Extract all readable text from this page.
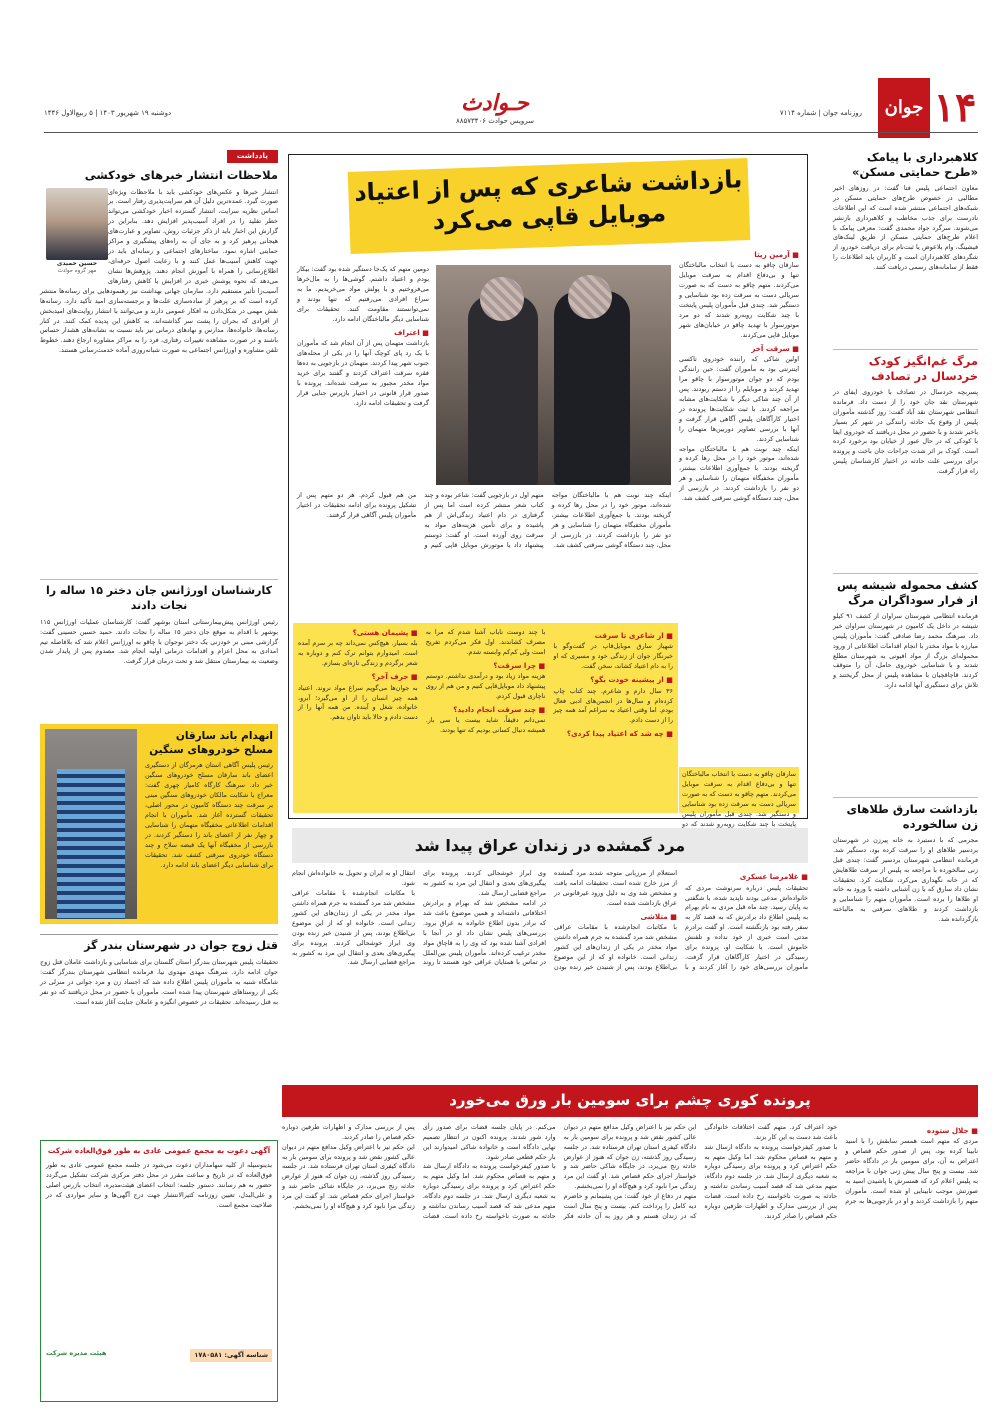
جوان ۱۴
حـوادث
سرویس حوادث ۸۸۵۷۳۴۰۶
روزنامه جوان | شماره ۷۱۱۴
دوشنبه ۱۹ شهریور ۱۴۰۳ | ۵ ربیع‌الاول ۱۴۴۶
کلاهبرداری با پیامک «طرح حمایتی مسکن»

معاون اجتماعی پلیس فتا گفت: در روزهای اخیر مطالبی در خصوص طرح‌های حمایتی مسکن در شبکه‌های اجتماعی منتشر شده است که این اطلاعات نادرست برای جذب مخاطب و کلاهبرداری بازنشر می‌شوند. سرگرد جواد محمدی گفت: معرفی پیامک با اعلام طرح‌های حمایتی مسکن از طریق لینک‌های فیشینگ، وام بلاعوض یا ثبت‌نام برای دریافت خودرو، از شگردهای کلاهبرداران است و کاربران باید اطلاعات را فقط از سامانه‌های رسمی دریافت کنند.

مرگ غم‌انگیز کودک خردسال در تصادف

پسربچه خردسال در تصادف با خودروی ایفای در شهرستان نقد جان خود را از دست داد. فرمانده انتظامی شهرستان نقد آباد گفت: روز گذشته مأموران پلیس از وقوع یک حادثه رانندگی در شهر کر بسیار باخبر شدند و با حضور در محل دریافتند که خودروی ایفا با کودکی که در حال عبور از خیابان بود برخورد کرده است. کودک بر اثر شدت جراحات جان باخت و پرونده برای بررسی علت حادثه در اختیار کارشناسان پلیس راه قرار گرفت.

کشف محموله شیشه پس از فرار سوداگران مرگ

فرمانده انتظامی شهرستان سراوان از کشف ۹۱ کیلو شیشه در داخل یک کامیون در شهرستان سراوان خبر داد. سرهنگ محمد رضا صادقی گفت: مأموران پلیس مبارزه با مواد مخدر با انجام اقدامات اطلاعاتی از ورود محموله‌ای بزرگ از مواد افیونی به شهرستان مطلع شدند و با شناسایی خودروی حامل، آن را متوقف کردند. قاچاقچیان با مشاهده پلیس از محل گریختند و تلاش برای دستگیری آنها ادامه دارد.

بازداشت سارق طلاهای زن سالخورده

مجرمی که با دستبرد به خانه پیرزن در شهرستان بردسیر طلاهای او را سرقت کرده بود، دستگیر شد. فرمانده انتظامی شهرستان بردسیر گفت: چندی قبل زنی سالخورده با مراجعه به پلیس از سرقت طلاهایش که در خانه نگهداری می‌کرد، شکایت کرد. تحقیقات نشان داد سارق که با زن آشنایی داشته با ورود به خانه او طلاها را برده است. مأموران متهم را شناسایی و بازداشت کردند و طلاهای سرقتی به مالباخته بازگردانده شد.

بازداشت شاعری که پس از اعتیاد
موبایل قاپی می‌کرد
■ آرمین ریتا

سارقان چاقو به دست با انتخاب مالباختگان تنها و بی‌دفاع اقدام به سرقت موبایل می‌کردند. متهم چاقو به دست که به صورت سریالی دست به سرقت زده بود شناسایی و دستگیر شد. چندی قبل مأموران پلیس پایتخت با چند شکایت روبه‌رو شدند که دو مرد موتورسوار با تهدید چاقو در خیابان‌های شهر موبایل قاپی می‌کردند.

■ سرقت آخر

اولین شاکی که راننده خودروی تاکسی اینترنتی بود به مأموران گفت: حین رانندگی بودم که دو جوان موتورسوار با چاقو مرا تهدید کردند و موبایلم را از دستم ربودند. پس از آن چند شاکی دیگر با شکایت‌های مشابه مراجعه کردند. با ثبت شکایت‌ها پرونده در اختیار کارآگاهان پلیس آگاهی قرار گرفت و آنها با بررسی تصاویر دوربین‌ها متهمان را شناسایی کردند.

اینکه چند نوبت هم با مالباختگان مواجه شده‌اند، موتور خود را در محل رها کرده و گریخته بودند. با جمع‌آوری اطلاعات بیشتر، مأموران مخفیگاه متهمان را شناسایی و هر دو نفر را بازداشت کردند. در بازرسی از محل، چند دستگاه گوشی سرقتی کشف شد.

دومین متهم که یک‌جا دستگیر شده بود گفت: بیکار بودم و اعتیاد داشتم. گوشی‌ها را به مال‌خرها می‌فروختیم و با پولش مواد می‌خریدیم. ما به سراغ افرادی می‌رفتیم که تنها بودند و نمی‌توانستند مقاومت کنند. تحقیقات برای شناسایی دیگر مالباختگان ادامه دارد.

■ اعتراف

بازداشت متهمان پس از آن انجام شد که مأموران با یک رد پای کوچک آنها را در یکی از محله‌های جنوب شهر پیدا کردند. متهمان در بازجویی به ده‌ها فقره سرقت اعتراف کردند و گفتند برای خرید مواد مخدر مجبور به سرقت شده‌اند. پرونده با صدور قرار قانونی در اختیار بازپرس جنایی قرار گرفت و تحقیقات ادامه دارد.

اینکه چند نوبت هم با مالباختگان مواجه شده‌اند، موتور خود را در محل رها کرده و گریخته بودند. با جمع‌آوری اطلاعات بیشتر، مأموران مخفیگاه متهمان را شناسایی و هر دو نفر را بازداشت کردند. در بازرسی از محل، چند دستگاه گوشی سرقتی کشف شد.

متهم اول در بازجویی گفت: شاعر بوده و چند کتاب شعر منتشر کرده است اما پس از گرفتاری در دام اعتیاد زندگی‌اش از هم پاشیده و برای تأمین هزینه‌های مواد به سرقت روی آورده است. او گفت: دوستم پیشنهاد داد با موتورش موبایل قاپی کنیم و من هم قبول کردم. هر دو متهم پس از تشکیل پرونده برای ادامه تحقیقات در اختیار مأموران پلیس آگاهی قرار گرفتند.

■ از شاعری تا سرقت

شهیاز سارق موبایل‌قاپ در گفت‌وگو با خبرنگار جوان از زندگی خود و مسیری که او را به دام اعتیاد کشاند، سخن گفت.

■ از پیشینه خودت بگو؟

۳۶ سال دارم و شاعرم. چند کتاب چاپ کرده‌ام و سال‌ها در انجمن‌های ادبی فعال بودم. اما وقتی اعتیاد به سراغم آمد همه چیز را از دست دادم.

■ چه شد که اعتیاد پیدا کردی؟

با چند دوست ناباب آشنا شدم که مرا به مصرف کشاندند. اول فکر می‌کردم تفریح است ولی کم‌کم وابسته شدم.

■ چرا سرقت؟

هزینه مواد زیاد بود و درآمدی نداشتم. دوستم پیشنهاد داد موبایل‌قاپی کنیم و من هم از روی ناچاری قبول کردم.

■ چند سرقت انجام دادید؟

نمی‌دانم دقیقاً، شاید بیست یا سی بار. همیشه دنبال کسانی بودیم که تنها بودند.

■ پشیمان هستی؟

بله بسیار. هیچ‌کس نمی‌داند چه بر سرم آمده است. امیدوارم بتوانم ترک کنم و دوباره به شعر برگردم و زندگی تازه‌ای بسازم.

■ حرف آخر؟

به جوان‌ها می‌گویم سراغ مواد نروند. اعتیاد همه چیز انسان را از او می‌گیرد؛ آبرو، خانواده، شغل و آینده. من همه آنها را از دست دادم و حالا باید تاوان بدهم.

سارقان چاقو به دست با انتخاب مالباختگان تنها و بی‌دفاع اقدام به سرقت موبایل می‌کردند. متهم چاقو به دست که به صورت سریالی دست به سرقت زده بود شناسایی و دستگیر شد. چندی قبل مأموران پلیس پایتخت با چند شکایت روبه‌رو شدند که دو

یادداشت
ملاحظات انتشار خبرهای خودکشی
حسین حمیدی
مهر گروه حوادث

انتشار خبرها و عکس‌های خودکشی باید با ملاحظات ویژه‌ای صورت گیرد. عمده‌ترین دلیل آن هم سرایت‌پذیری رفتار است. بر اساس نظریه سرایت، انتشار گسترده اخبار خودکشی می‌تواند خطر تقلید را در افراد آسیب‌پذیر افزایش دهد. بنابراین در گزارش این اخبار باید از ذکر جزئیات روش، تصاویر و عبارت‌های هیجانی پرهیز کرد و به جای آن به راه‌های پیشگیری و مراکز حمایتی اشاره نمود. ساختارهای اجتماعی و رسانه‌ای باید در جهت کاهش آسیب‌ها عمل کنند و با رعایت اصول حرفه‌ای، اطلاع‌رسانی را همراه با آموزش انجام دهند. پژوهش‌ها نشان می‌دهد که نحوه پوشش خبری در افزایش یا کاهش رفتارهای آسیب‌زا تأثیر مستقیم دارد. سازمان جهانی بهداشت نیز رهنمودهایی برای رسانه‌ها منتشر کرده است که بر پرهیز از ساده‌سازی علت‌ها و برجسته‌سازی امید تأکید دارد. رسانه‌ها نقش مهمی در شکل‌دادن به افکار عمومی دارند و می‌توانند با انتشار روایت‌های امیدبخش از افرادی که بحران را پشت سر گذاشته‌اند، به کاهش این پدیده کمک کنند. در کنار رسانه‌ها، خانواده‌ها، مدارس و نهادهای درمانی نیز باید نسبت به نشانه‌های هشدار حساس باشند و در صورت مشاهده تغییرات رفتاری، فرد را به مراکز مشاوره ارجاع دهند. خطوط تلفن مشاوره و اورژانس اجتماعی به صورت شبانه‌روزی آماده خدمت‌رسانی هستند.

کارشناسان اورژانس جان دختر ۱۵ ساله را نجات دادند

رئیس اورژانس پیش‌بیمارستانی استان بوشهر گفت: کارشناسان عملیات اورژانس ۱۱۵ بوشهر با اقدام به موقع جان دختر ۱۵ ساله را نجات دادند. حمید حسین حسینی گفت: گزارشی مبنی بر خودزنی یک دختر نوجوان با چاقو به اورژانس اعلام شد که بلافاصله تیم امدادی به محل اعزام و اقدامات درمانی اولیه انجام شد. مصدوم پس از پایدار شدن وضعیت به بیمارستان منتقل شد و تحت درمان قرار گرفت.

انهدام باند سارقان مسلح خودروهای سنگین

رئیس پلیس آگاهی استان هرمزگان از دستگیری اعضای باند سارقان مسلح خودروهای سنگین خبر داد. سرهنگ کارگاه کامیار چهری گفت: معراج با شکایت مالکان خودروهای سنگین مبنی بر سرقت چند دستگاه کامیون در محور اصلی، تحقیقات گسترده آغاز شد. مأموران با انجام اقدامات اطلاعاتی مخفیگاه متهمان را شناسایی و چهار نفر از اعضای باند را دستگیر کردند. در بازرسی از مخفیگاه آنها یک قبضه سلاح و چند دستگاه خودروی سرقتی کشف شد. تحقیقات برای شناسایی دیگر اعضای باند ادامه دارد.

قتل زوج جوان در شهرستان بندر گز

تحقیقات پلیس شهرستان بندرگز استان گلستان برای شناسایی و بازداشت عاملان قتل زوج جوان ادامه دارد. سرهنگ مهدی مهدوی نیا، فرمانده انتظامی شهرستان بندرگز گفت: شامگاه شنبه به مأموران پلیس اطلاع داده شد که اجساد زن و مرد جوانی در منزلی در یکی از روستاهای شهرستان پیدا شده است. مأموران با حضور در محل دریافتند که دو نفر به قتل رسیده‌اند. تحقیقات در خصوص انگیزه و عاملان جنایت آغاز شده است.

مرد گمشده در زندان عراق پیدا شد
■ غلامرضا عسکری

تحقیقات پلیس درباره سرنوشت مردی که خانواده‌اش مدعی بودند ناپدید شده، با شگفتی به پایان رسید. چند ماه قبل مردی به نام بهرام به پلیس اطلاع داد برادرش که به قصد کار به سفر رفته بود بازنگشته است. او گفت برادرم مدتی است خبری از خود نداده و تلفنش خاموش است. با شکایت او، پرونده برای رسیدگی در اختیار کارآگاهان قرار گرفت. مأموران بررسی‌های خود را آغاز کردند و با استعلام از مرزبانی متوجه شدند مرد گمشده از مرز خارج شده است. تحقیقات ادامه یافت و مشخص شد وی به دلیل ورود غیرقانونی در عراق بازداشت شده است.

■ متلاشی

با مکاتبات انجام‌شده با مقامات عراقی مشخص شد مرد گمشده به جرم همراه داشتن مواد مخدر در یکی از زندان‌های این کشور زندانی است. خانواده او که از این موضوع بی‌اطلاع بودند، پس از شنیدن خبر زنده بودن وی ابراز خوشحالی کردند. پرونده برای پیگیری‌های بعدی و انتقال این مرد به کشور به مراجع قضایی ارسال شد.

در ادامه مشخص شد که بهرام و برادرش اختلافاتی داشته‌اند و همین موضوع باعث شد که برادر بدون اطلاع خانواده به عراق برود. بررسی‌های پلیس نشان داد او در آنجا با افرادی آشنا شده بود که وی را به قاچاق مواد مخدر ترغیب کرده‌اند. مأموران پلیس بین‌الملل در تماس با همتایان عراقی خود هستند تا روند انتقال او به ایران و تحویل به خانواده‌اش انجام شود.

با مکاتبات انجام‌شده با مقامات عراقی مشخص شد مرد گمشده به جرم همراه داشتن مواد مخدر در یکی از زندان‌های این کشور زندانی است. خانواده او که از این موضوع بی‌اطلاع بودند، پس از شنیدن خبر زنده بودن وی ابراز خوشحالی کردند. پرونده برای پیگیری‌های بعدی و انتقال این مرد به کشور به مراجع قضایی ارسال شد.

پرونده کوری چشم برای سومین بار ورق می‌خورد
■ جلال ستوده

مردی که متهم است همسر سابقش را با اسید نابینا کرده بود، پس از صدور حکم قصاص و اعتراض به آن، برای سومین بار در دادگاه حاضر شد. بیست و پنج سال پیش زنی جوان با مراجعه به پلیس اعلام کرد که همسرش با پاشیدن اسید به صورتش موجب نابینایی او شده است. مأموران متهم را بازداشت کردند و او در بازجویی‌ها به جرم خود اعتراف کرد. متهم گفت اختلافات خانوادگی باعث شد دست به این کار بزند.

با صدور کیفرخواست پرونده به دادگاه ارسال شد و متهم به قصاص محکوم شد. اما وکیل متهم به حکم اعتراض کرد و پرونده برای رسیدگی دوباره به شعبه دیگری ارسال شد. در جلسه دوم دادگاه، متهم مدعی شد که قصد آسیب رساندن نداشته و حادثه به صورت ناخواسته رخ داده است. قضات پس از بررسی مدارک و اظهارات طرفین دوباره حکم قصاص را صادر کردند.

این حکم نیز با اعتراض وکیل مدافع متهم در دیوان عالی کشور نقض شد و پرونده برای سومین بار به دادگاه کیفری استان تهران فرستاده شد. در جلسه رسیدگی روز گذشته، زن جوان که هنوز از عوارض حادثه رنج می‌برد، در جایگاه شاکی حاضر شد و خواستار اجرای حکم قصاص شد. او گفت این مرد زندگی مرا نابود کرد و هیچ‌گاه او را نمی‌بخشم.

متهم در دفاع از خود گفت: من پشیمانم و حاضرم دیه کامل را پرداخت کنم. بیست و پنج سال است که در زندان هستم و هر روز به آن حادثه فکر می‌کنم. در پایان جلسه قضات برای صدور رأی وارد شور شدند. پرونده اکنون در انتظار تصمیم نهایی دادگاه است و خانواده شاکی امیدوارند این بار حکم قطعی صادر شود.

با صدور کیفرخواست پرونده به دادگاه ارسال شد و متهم به قصاص محکوم شد. اما وکیل متهم به حکم اعتراض کرد و پرونده برای رسیدگی دوباره به شعبه دیگری ارسال شد. در جلسه دوم دادگاه، متهم مدعی شد که قصد آسیب رساندن نداشته و حادثه به صورت ناخواسته رخ داده است. قضات پس از بررسی مدارک و اظهارات طرفین دوباره حکم قصاص را صادر کردند.

این حکم نیز با اعتراض وکیل مدافع متهم در دیوان عالی کشور نقض شد و پرونده برای سومین بار به دادگاه کیفری استان تهران فرستاده شد. در جلسه رسیدگی روز گذشته، زن جوان که هنوز از عوارض حادثه رنج می‌برد، در جایگاه شاکی حاضر شد و خواستار اجرای حکم قصاص شد. او گفت این مرد زندگی مرا نابود کرد و هیچ‌گاه او را نمی‌بخشم.

آگهی دعوت به مجمع عمومی عادی به طور فوق‌العاده شرکت

بدینوسیله از کلیه سهامداران دعوت می‌شود در جلسه مجمع عمومی عادی به طور فوق‌العاده که در تاریخ و ساعت مقرر در محل دفتر مرکزی شرکت تشکیل می‌گردد حضور به هم رسانند. دستور جلسه: انتخاب اعضای هیئت‌مدیره، انتخاب بازرس اصلی و علی‌البدل، تعیین روزنامه کثیرالانتشار جهت درج آگهی‌ها و سایر مواردی که در صلاحیت مجمع است.

شناسه آگهی: ۱۷۸۰۵۸۱
هیئت مدیره شرکت
